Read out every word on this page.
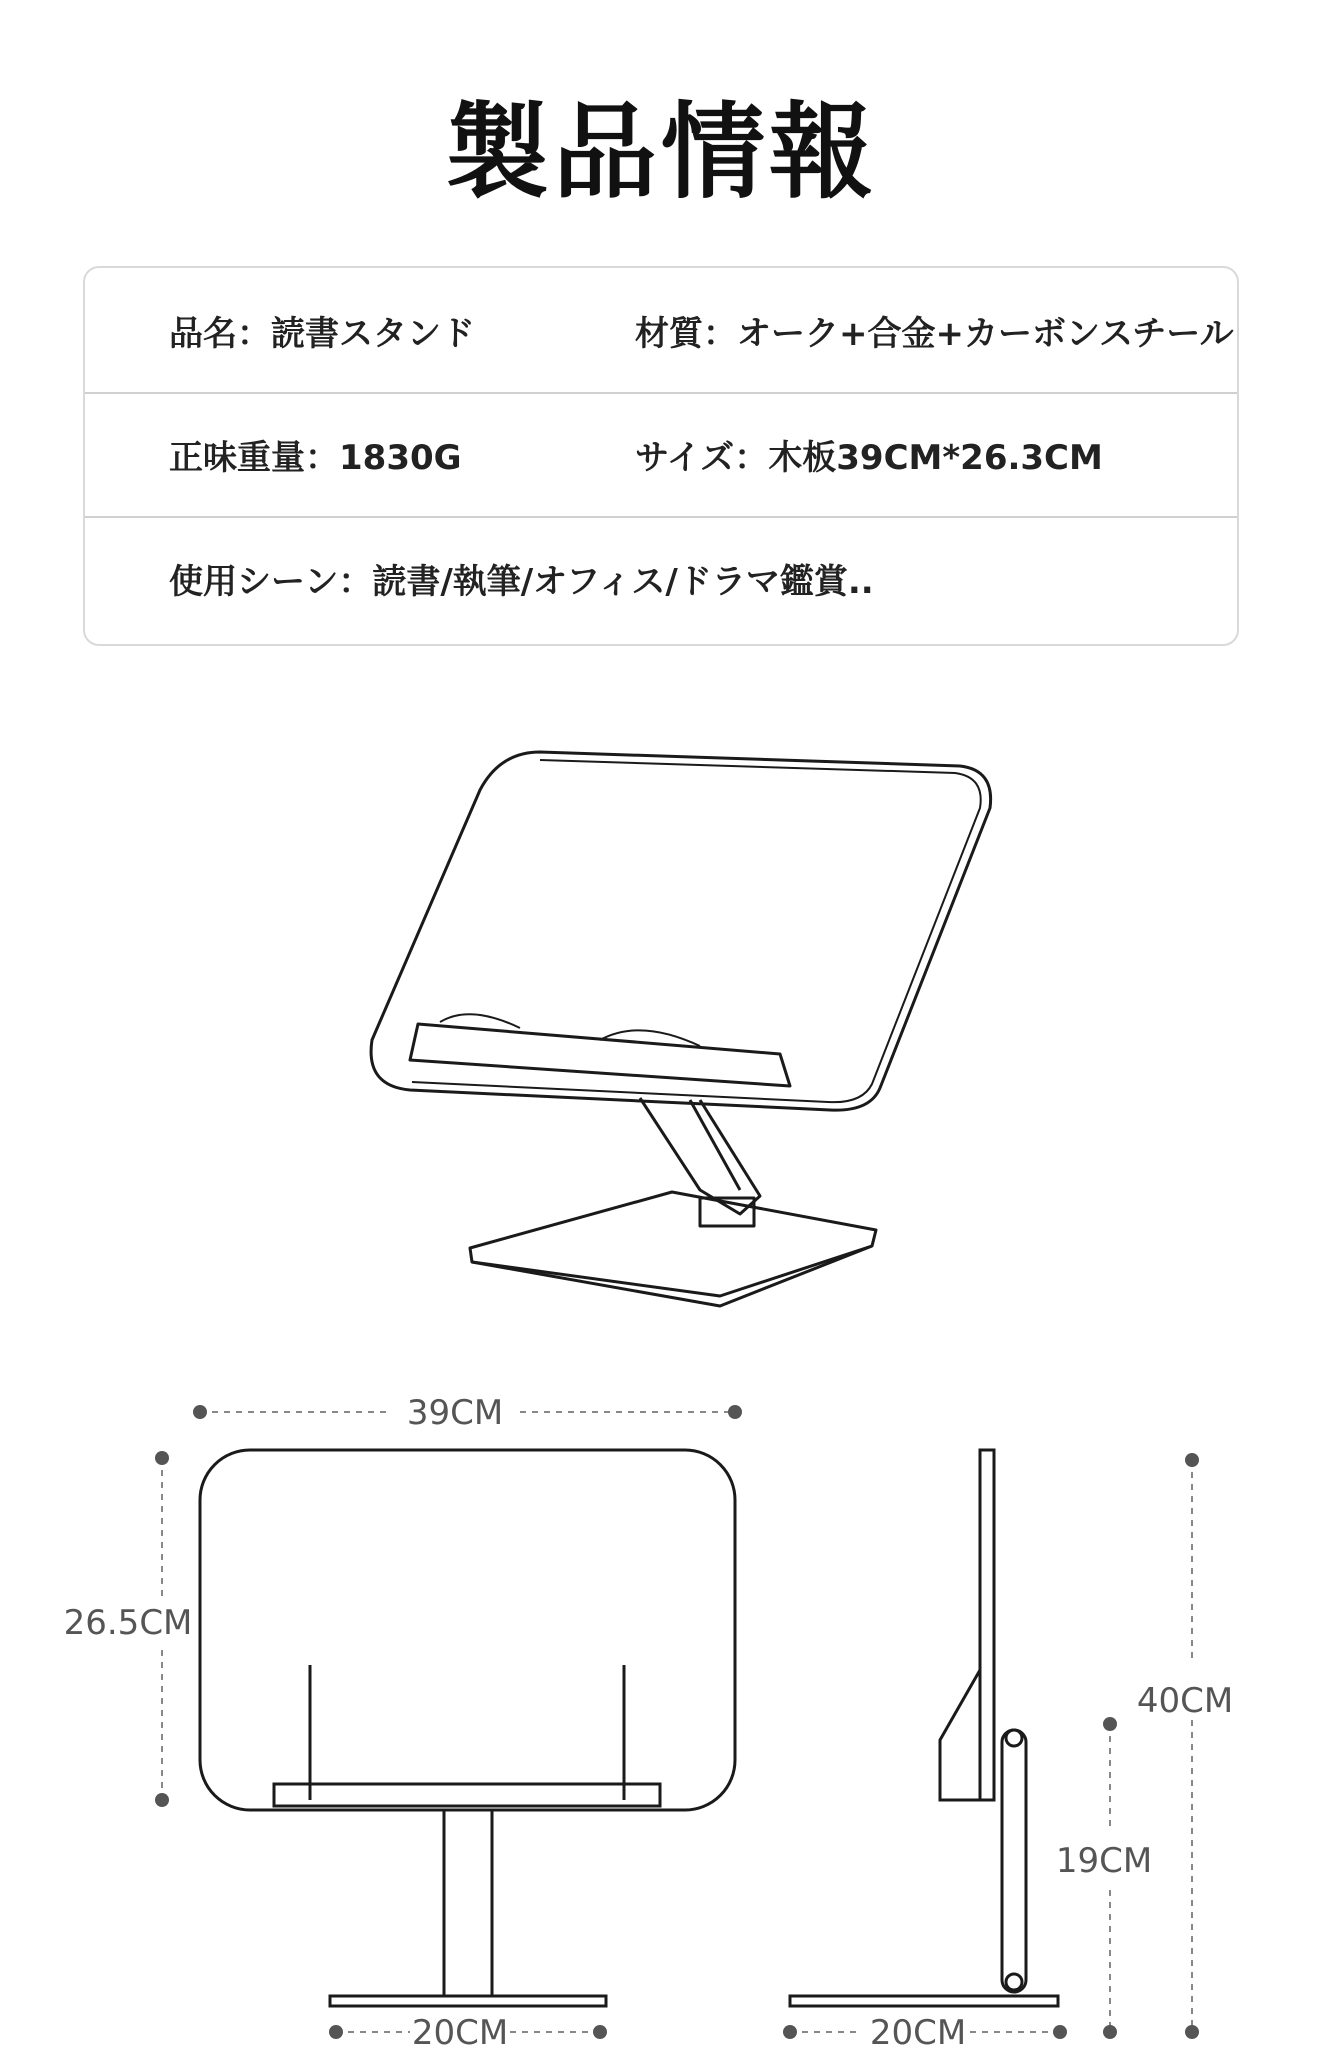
製品情報
品名：読書スタンド	材質：オーク+合金+カーボンスチール
正味重量：1830G	サイズ：木板39CM*26.3CM
使用シーン：読書/執筆/オフィス/ドラマ鑑賞..
39CM
26.5CM
20CM
40CM
19CM
20CM
